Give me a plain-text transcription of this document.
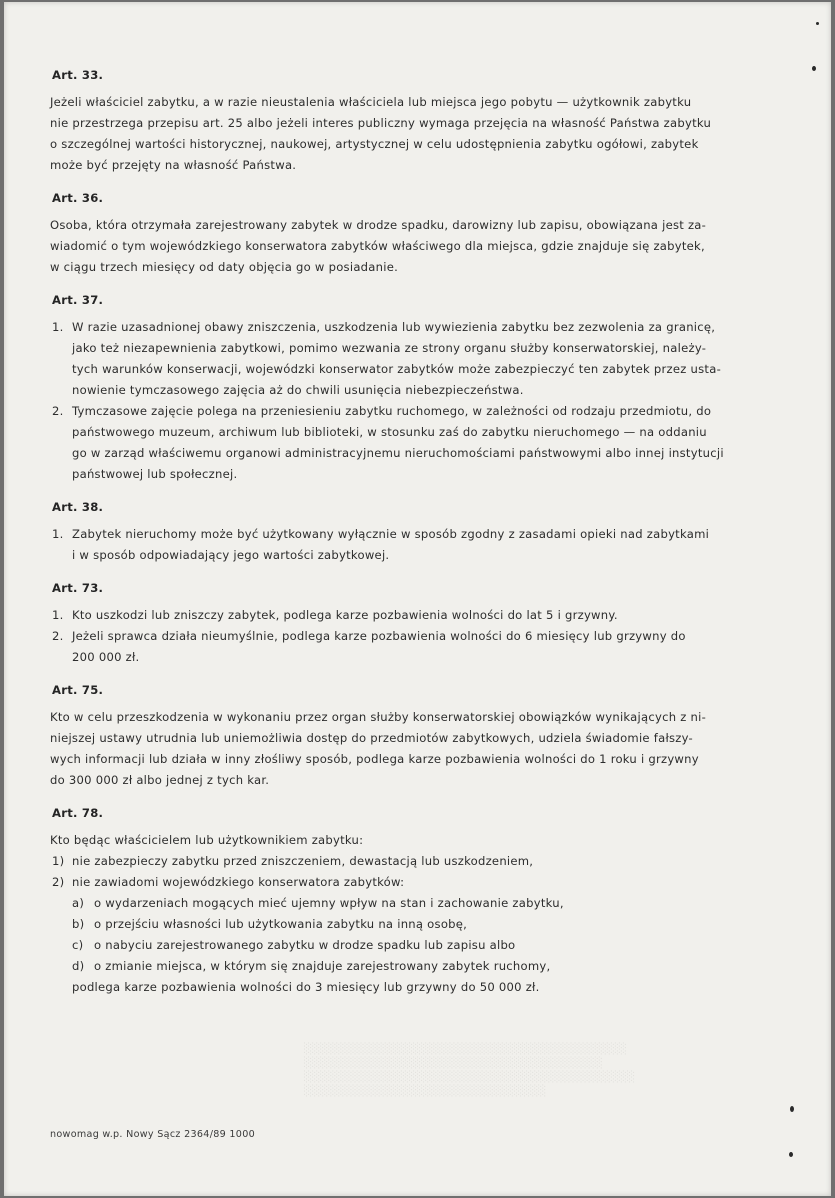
░░░░░░░░░░░░░░░░░░░░░░░░░░░░░░░░░░░░░░░░
░░░░░░░░░░░░░░░░░░░░░░░░░░░░░░░░░░░░░
░░░░░░░░░░░░░░░░░░░░░░░░░░░░░░░░░░░░░░░░░
░░░░░░░░░░░░░░░░░░░░░░░░░░░░░░
Art. 33.
Jeżeli właściciel zabytku, a w razie nieustalenia właściciela lub miejsca jego pobytu — użytkownik zabytku
nie przestrzega przepisu art. 25 albo jeżeli interes publiczny wymaga przejęcia na własność Państwa zabytku
o szczególnej wartości historycznej, naukowej, artystycznej w celu udostępnienia zabytku ogółowi, zabytek
może być przejęty na własność Państwa.
Art. 36.
Osoba, która otrzymała zarejestrowany zabytek w drodze spadku, darowizny lub zapisu, obowiązana jest za-
wiadomić o tym wojewódzkiego konserwatora zabytków właściwego dla miejsca, gdzie znajduje się zabytek,
w ciągu trzech miesięcy od daty objęcia go w posiadanie.
Art. 37.
1. W razie uzasadnionej obawy zniszczenia, uszkodzenia lub wywiezienia zabytku bez zezwolenia za granicę,
jako też niezapewnienia zabytkowi, pomimo wezwania ze strony organu służby konserwatorskiej, należy-
tych warunków konserwacji, wojewódzki konserwator zabytków może zabezpieczyć ten zabytek przez usta-
nowienie tymczasowego zajęcia aż do chwili usunięcia niebezpieczeństwa.
2. Tymczasowe zajęcie polega na przeniesieniu zabytku ruchomego, w zależności od rodzaju przedmiotu, do
państwowego muzeum, archiwum lub biblioteki, w stosunku zaś do zabytku nieruchomego — na oddaniu
go w zarząd właściwemu organowi administracyjnemu nieruchomościami państwowymi albo innej instytucji
państwowej lub społecznej.
Art. 38.
1. Zabytek nieruchomy może być użytkowany wyłącznie w sposób zgodny z zasadami opieki nad zabytkami
i w sposób odpowiadający jego wartości zabytkowej.
Art. 73.
1. Kto uszkodzi lub zniszczy zabytek, podlega karze pozbawienia wolności do lat 5 i grzywny.
2. Jeżeli sprawca działa nieumyślnie, podlega karze pozbawienia wolności do 6 miesięcy lub grzywny do
200 000 zł.
Art. 75.
Kto w celu przeszkodzenia w wykonaniu przez organ służby konserwatorskiej obowiązków wynikających z ni-
niejszej ustawy utrudnia lub uniemożliwia dostęp do przedmiotów zabytkowych, udziela świadomie fałszy-
wych informacji lub działa w inny złośliwy sposób, podlega karze pozbawienia wolności do 1 roku i grzywny
do 300 000 zł albo jednej z tych kar.
Art. 78.
Kto będąc właścicielem lub użytkownikiem zabytku:
1) nie zabezpieczy zabytku przed zniszczeniem, dewastacją lub uszkodzeniem,
2) nie zawiadomi wojewódzkiego konserwatora zabytków:
a) o wydarzeniach mogących mieć ujemny wpływ na stan i zachowanie zabytku,
b) o przejściu własności lub użytkowania zabytku na inną osobę,
c) o nabyciu zarejestrowanego zabytku w drodze spadku lub zapisu albo
d) o zmianie miejsca, w którym się znajduje zarejestrowany zabytek ruchomy,
podlega karze pozbawienia wolności do 3 miesięcy lub grzywny do 50 000 zł.
nowomag w.p. Nowy Sącz 2364/89 1000
